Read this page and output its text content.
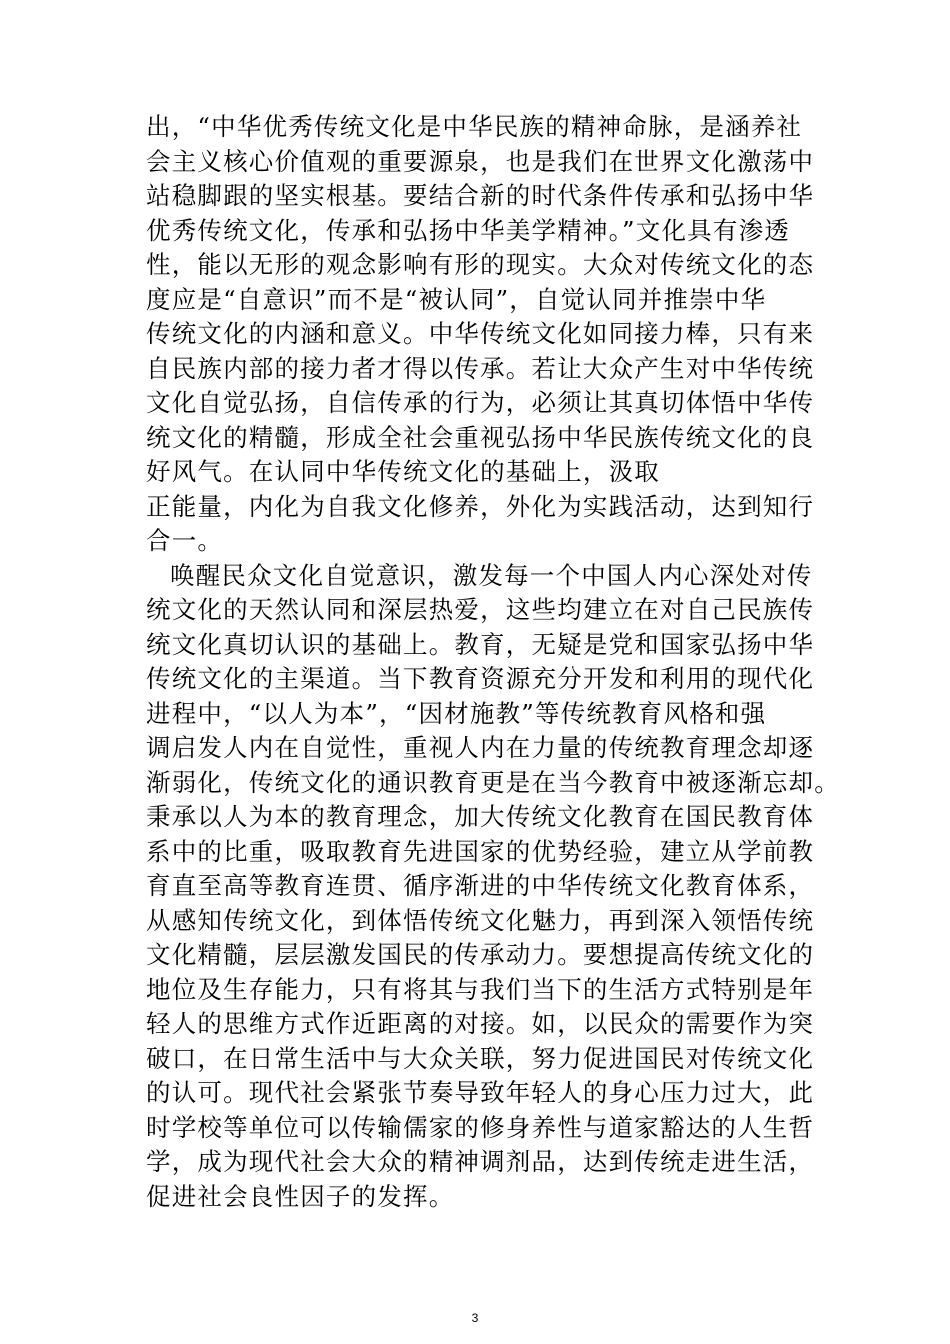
出，“中华优秀传统文化是中华民族的精神命脉，是涵养社
会主义核心价值观的重要源泉，也是我们在世界文化激荡中
站稳脚跟的坚实根基。要结合新的时代条件传承和弘扬中华
优秀传统文化，传承和弘扬中华美学精神。”文化具有渗透
性，能以无形的观念影响有形的现实。大众对传统文化的态
度应是“自意识”而不是“被认同”，自觉认同并推崇中华
传统文化的内涵和意义。中华传统文化如同接力棒，只有来
自民族内部的接力者才得以传承。若让大众产生对中华传统
文化自觉弘扬，自信传承的行为，必须让其真切体悟中华传
统文化的精髓，形成全社会重视弘扬中华民族传统文化的良
好风气。在认同中华传统文化的基础上，汲取
正能量，内化为自我文化修养，外化为实践活动，达到知行
合一。
唤醒民众文化自觉意识，激发每一个中国人内心深处对传
统文化的天然认同和深层热爱，这些均建立在对自己民族传
统文化真切认识的基础上。教育，无疑是党和国家弘扬中华
传统文化的主渠道。当下教育资源充分开发和利用的现代化
进程中，“以人为本”，“因材施教”等传统教育风格和强
调启发人内在自觉性，重视人内在力量的传统教育理念却逐
渐弱化，传统文化的通识教育更是在当今教育中被逐渐忘却。
秉承以人为本的教育理念，加大传统文化教育在国民教育体
系中的比重，吸取教育先进国家的优势经验，建立从学前教
育直至高等教育连贯、循序渐进的中华传统文化教育体系，
从感知传统文化，到体悟传统文化魅力，再到深入领悟传统
文化精髓，层层激发国民的传承动力。要想提高传统文化的
地位及生存能力，只有将其与我们当下的生活方式特别是年
轻人的思维方式作近距离的对接。如，以民众的需要作为突
破口，在日常生活中与大众关联，努力促进国民对传统文化
的认可。现代社会紧张节奏导致年轻人的身心压力过大，此
时学校等单位可以传输儒家的修身养性与道家豁达的人生哲
学，成为现代社会大众的精神调剂品，达到传统走进生活，
促进社会良性因子的发挥。
3
